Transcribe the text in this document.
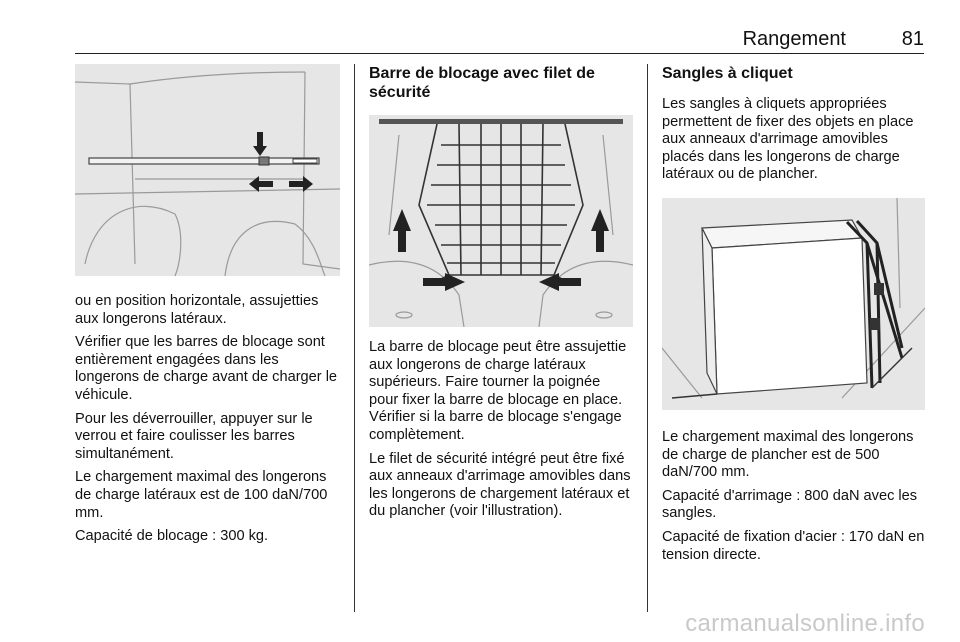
Rangement	81

ou en position horizontale, assujetties aux longerons latéraux.

Vérifier que les barres de blocage sont entièrement engagées dans les longerons de charge avant de charger le véhicule.

Pour les déverrouiller, appuyer sur le verrou et faire coulisser les barres simultanément.

Le chargement maximal des longerons de charge latéraux est de 100 daN/700 mm.

Capacité de blocage : 300 kg.

Barre de blocage avec filet de sécurité

La barre de blocage peut être assujettie aux longerons de charge latéraux supérieurs. Faire tourner la poignée pour fixer la barre de blocage en place. Vérifier si la barre de blocage s'engage complètement.

Le filet de sécurité intégré peut être fixé aux anneaux d'arrimage amovibles dans les longerons de chargement latéraux et du plancher (voir l'illustration).

Sangles à cliquet

Les sangles à cliquets appropriées permettent de fixer des objets en place aux anneaux d'arrimage amovibles placés dans les longerons de charge latéraux ou de plancher.

Le chargement maximal des longerons de charge de plancher est de 500 daN/700 mm.

Capacité d'arrimage : 800 daN avec les sangles.

Capacité de fixation d'acier : 170 daN en tension directe.

carmanualsonline.info
